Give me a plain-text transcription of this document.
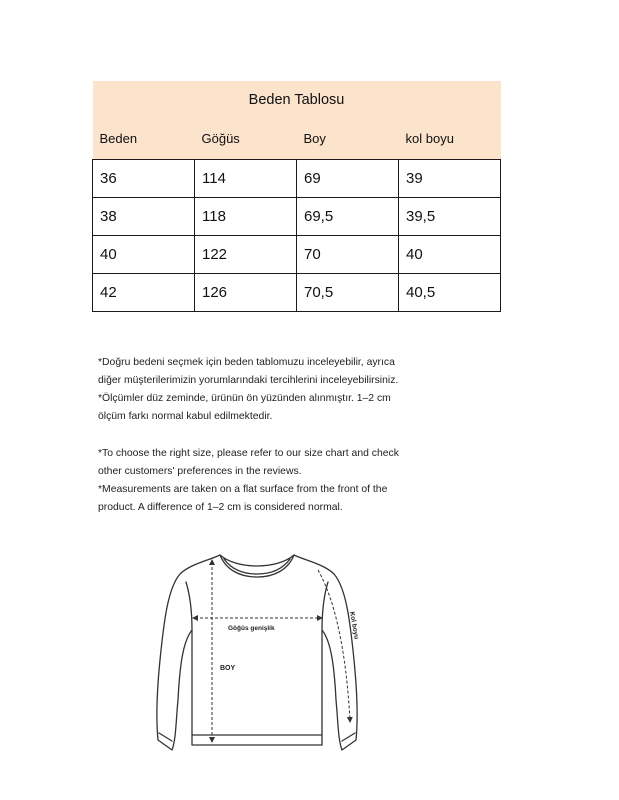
Beden Tablosu			
Beden	Göğüs	Boy	kol boyu
36	114	69	39
38	118	69,5	39,5
40	122	70	40
42	126	70,5	40,5

*Doğru bedeni seçmek için beden tablomuzu inceleyebilir, ayrıca

diğer müşterilerimizin yorumlarındaki tercihlerini inceleyebilirsiniz.

*Ölçümler düz zeminde, ürünün ön yüzünden alınmıştır. 1–2 cm

ölçüm farkı normal kabul edilmektedir.

*To choose the right size, please refer to our size chart and check

other customers' preferences in the reviews.

*Measurements are taken on a flat surface from the front of the

product. A difference of 1–2 cm is considered normal.

Göğüs genişlik
BOY
Kol boyu
